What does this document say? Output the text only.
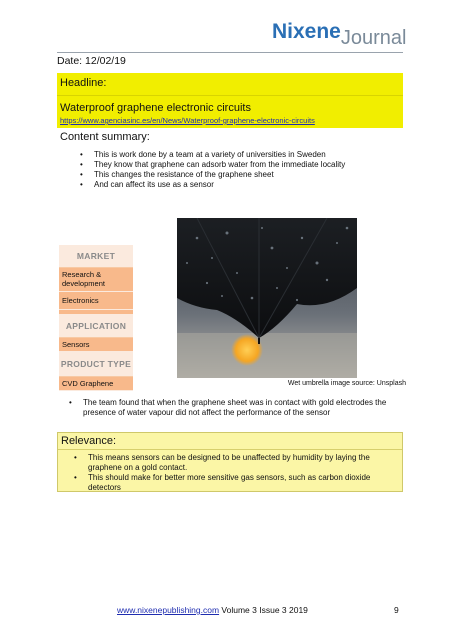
NixeneJournal
Date: 12/02/19
Headline:
Waterproof graphene electronic circuits
https://www.agenciasinc.es/en/News/Waterproof-graphene-electronic-circuits
Content summary:
• This is work done by a team at a variety of universities in Sweden
• They know that graphene can adsorb water from the immediate locality
• This changes the resistance of the graphene sheet
• And can affect its use as a sensor
MARKET
Research & development
Electronics
APPLICATION
Sensors
PRODUCT TYPE
CVD Graphene	Wet umbrella image source: Unsplash
• The team found that when the graphene sheet was in contact with gold electrodes the presence of water vapour did not affect the performance of the sensor
Relevance:
• This means sensors can be designed to be unaffected by humidity by laying the graphene on a gold contact.
• This should make for better more sensitive gas sensors, such as carbon dioxide detectors
www.nixenepublishing.com Volume 3 Issue 3 2019	9
